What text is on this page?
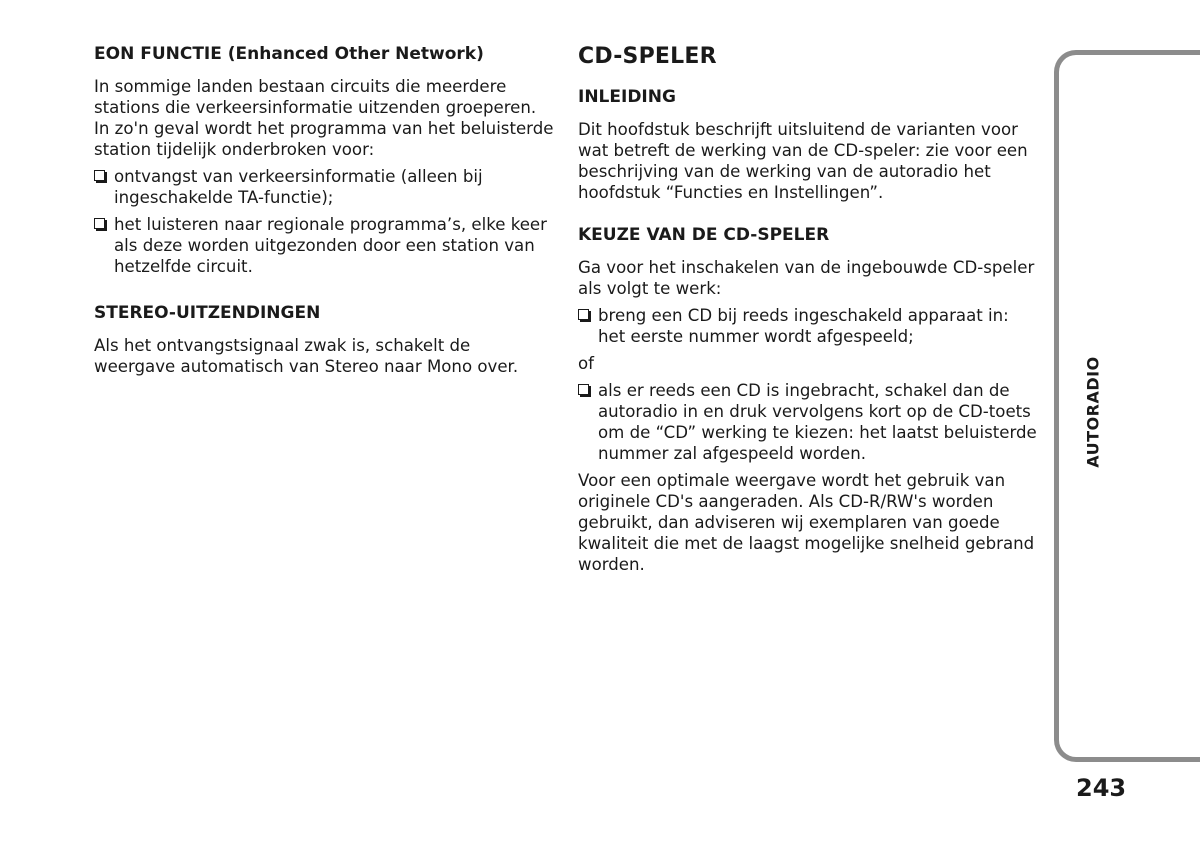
EON FUNCTIE (Enhanced Other Network)

In sommige landen bestaan circuits die meerdere stations die verkeersinformatie uitzenden groeperen. In zo'n geval wordt het programma van het beluisterde station tijdelijk onderbroken voor:

ontvangst van verkeersinformatie (alleen bij ingeschakelde TA-functie);
het luisteren naar regionale programma’s, elke keer als deze worden uitgezonden door een station van hetzelfde circuit.
STEREO-UITZENDINGEN

Als het ontvangstsignaal zwak is, schakelt de weergave automatisch van Stereo naar Mono over.

CD-SPELER
INLEIDING

Dit hoofdstuk beschrijft uitsluitend de varianten voor wat betreft de werking van de CD-speler: zie voor een beschrijving van de werking van de autoradio het hoofdstuk “Functies en Instellingen”.

KEUZE VAN DE CD-SPELER

Ga voor het inschakelen van de ingebouwde CD-speler als volgt te werk:

breng een CD bij reeds ingeschakeld apparaat in: het eerste nummer wordt afgespeeld;

of

als er reeds een CD is ingebracht, schakel dan de autoradio in en druk vervolgens kort op de CD-toets om de “CD” werking te kiezen: het laatst beluisterde nummer zal afgespeeld worden.

Voor een optimale weergave wordt het gebruik van originele CD's aangeraden. Als CD-R/RW's worden gebruikt, dan adviseren wij exemplaren van goede kwaliteit die met de laagst mogelijke snelheid gebrand worden.

AUTORADIO
243
